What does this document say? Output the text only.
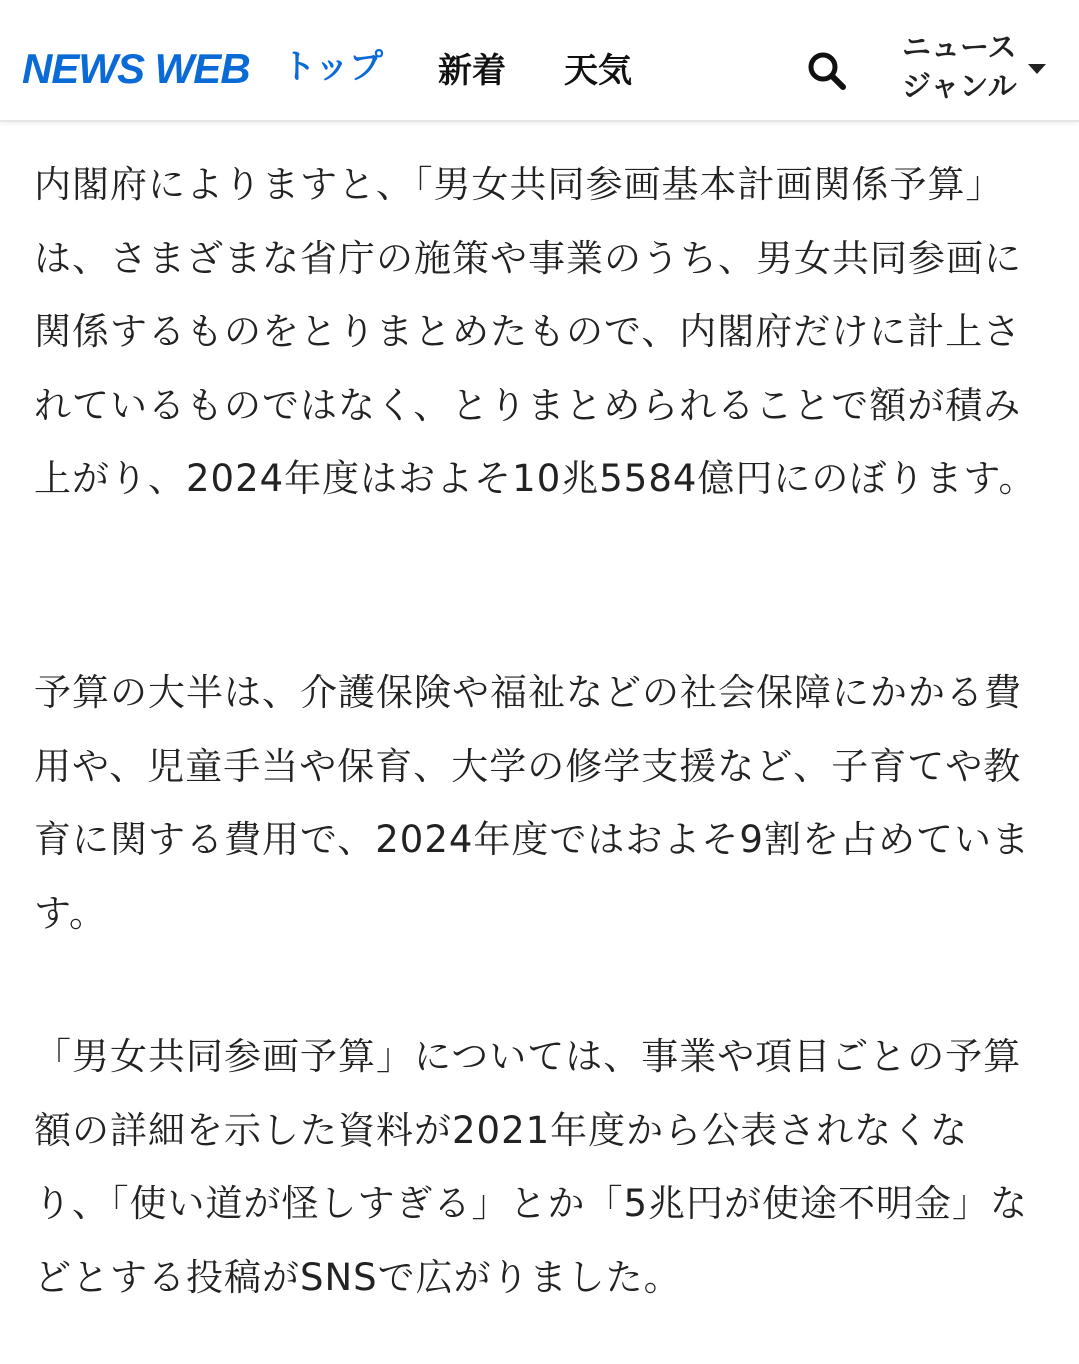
NEWS WEB トップ 新着 天気
ニュース
ジャンル

内閣府によりますと、「男女共同参画基本計画関係予算」は、さまざまな省庁の施策や事業のうち、男女共同参画に関係するものをとりまとめたもので、内閣府だけに計上されているものではなく、とりまとめられることで額が積み上がり、2024年度はおよそ10兆5584億円にのぼります。

予算の大半は、介護保険や福祉などの社会保障にかかる費用や、児童手当や保育、大学の修学支援など、子育てや教育に関する費用で、2024年度ではおよそ9割を占めています。

「男女共同参画予算」については、事業や項目ごとの予算額の詳細を示した資料が2021年度から公表されなくなり、「使い道が怪しすぎる」とか「5兆円が使途不明金」などとする投稿がSNSで広がりました。
